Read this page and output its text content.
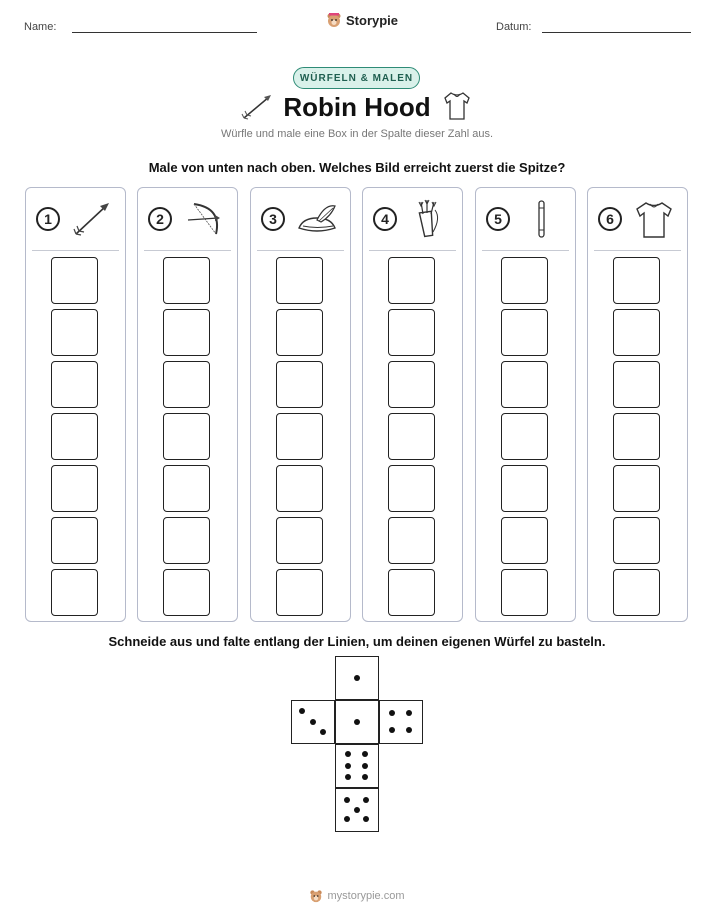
Name:	Storypie	Datum:
WÜRFELN & MALEN
Robin Hood
Würfle und male eine Box in der Spalte dieser Zahl aus.
Male von unten nach oben. Welches Bild erreicht zuerst die Spitze?
1	2	3	4	5	6
Schneide aus und falte entlang der Linien, um deinen eigenen Würfel zu basteln.
mystorypie.com
